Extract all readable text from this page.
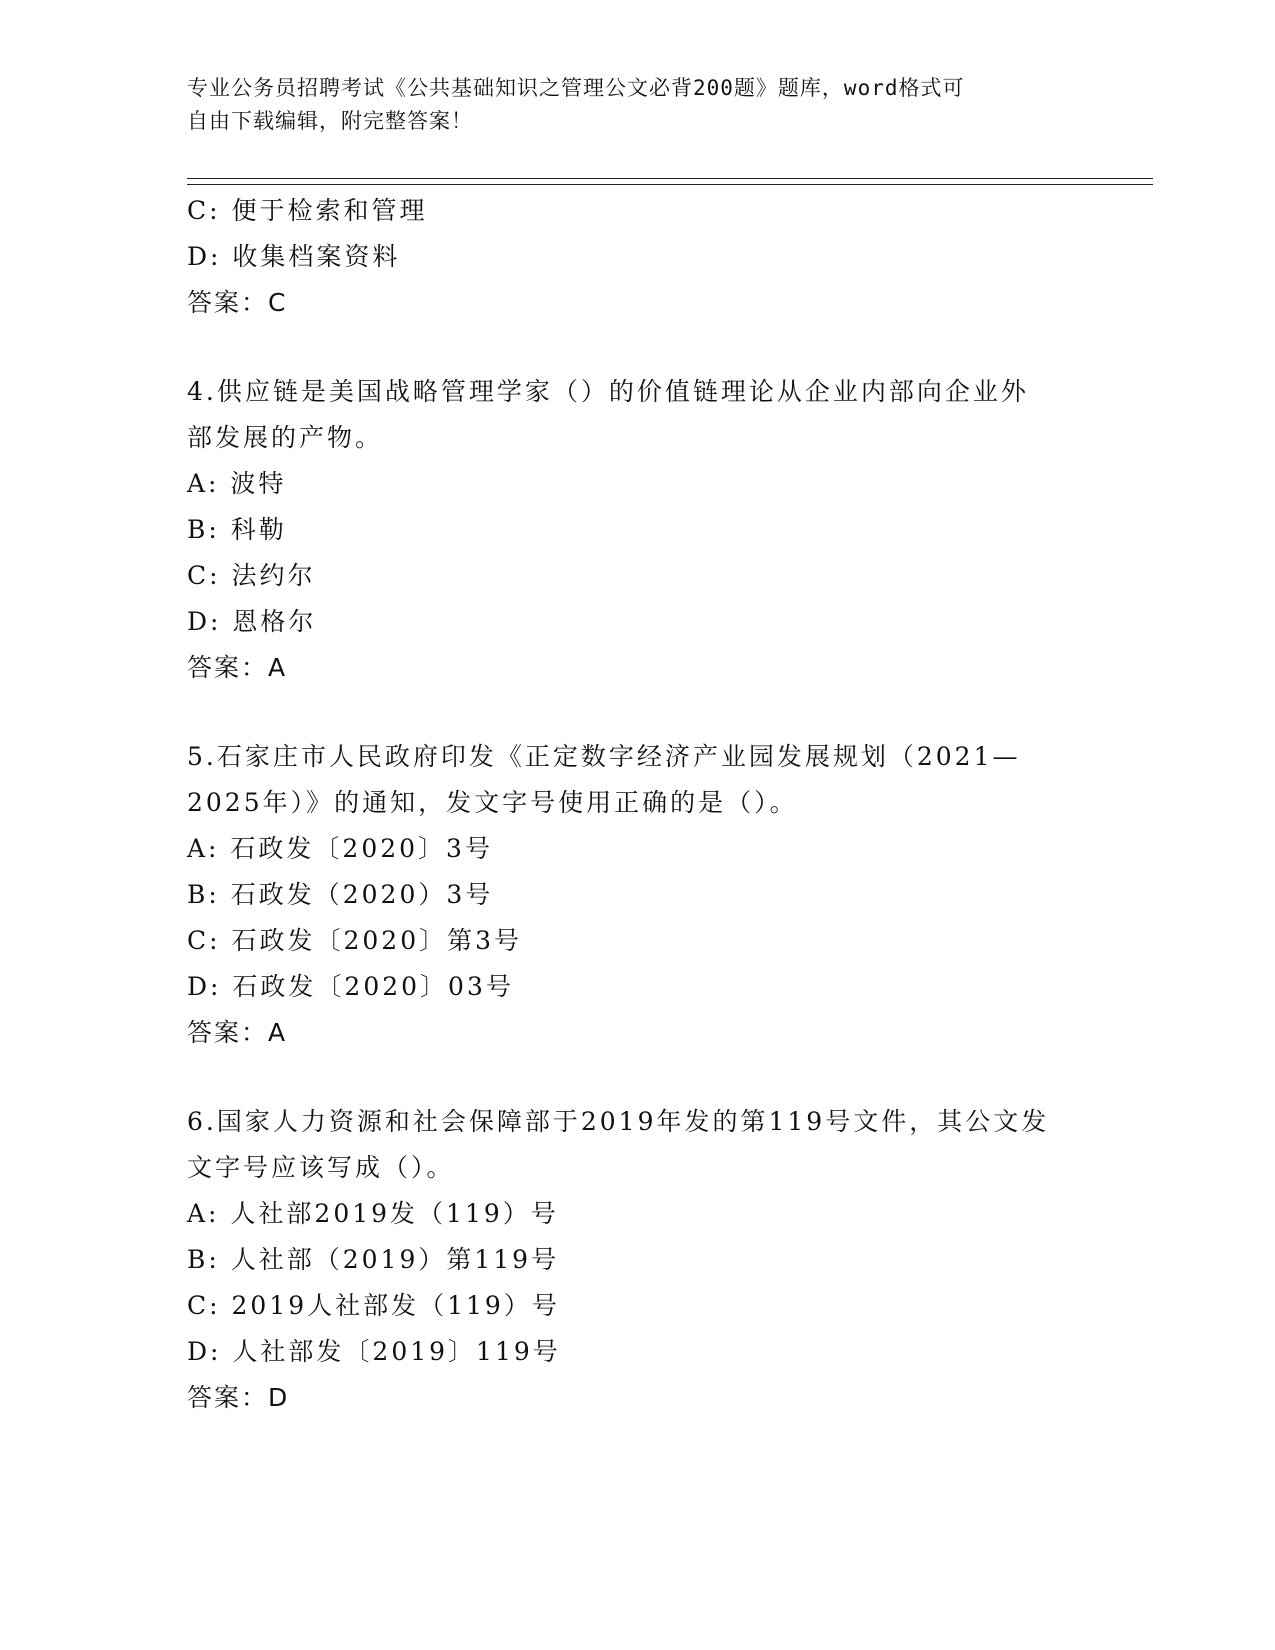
专业公务员招聘考试《公共基础知识之管理公文必背200题》题库，word格式可
自由下载编辑，附完整答案！
C: 便于检索和管理
D: 收集档案资料
答案：C
4.供应链是美国战略管理学家（）的价值链理论从企业内部向企业外
部发展的产物。
A: 波特
B: 科勒
C: 法约尔
D: 恩格尔
答案：A
5.石家庄市人民政府印发《正定数字经济产业园发展规划（2021—
2025年）》的通知，发文字号使用正确的是（）。
A: 石政发〔2020〕3号
B: 石政发（2020）3号
C: 石政发〔2020〕第3号
D: 石政发〔2020〕03号
答案：A
6.国家人力资源和社会保障部于2019年发的第119号文件，其公文发
文字号应该写成（）。
A: 人社部2019发（119）号
B: 人社部（2019）第119号
C: 2019人社部发（119）号
D: 人社部发〔2019〕119号
答案：D
